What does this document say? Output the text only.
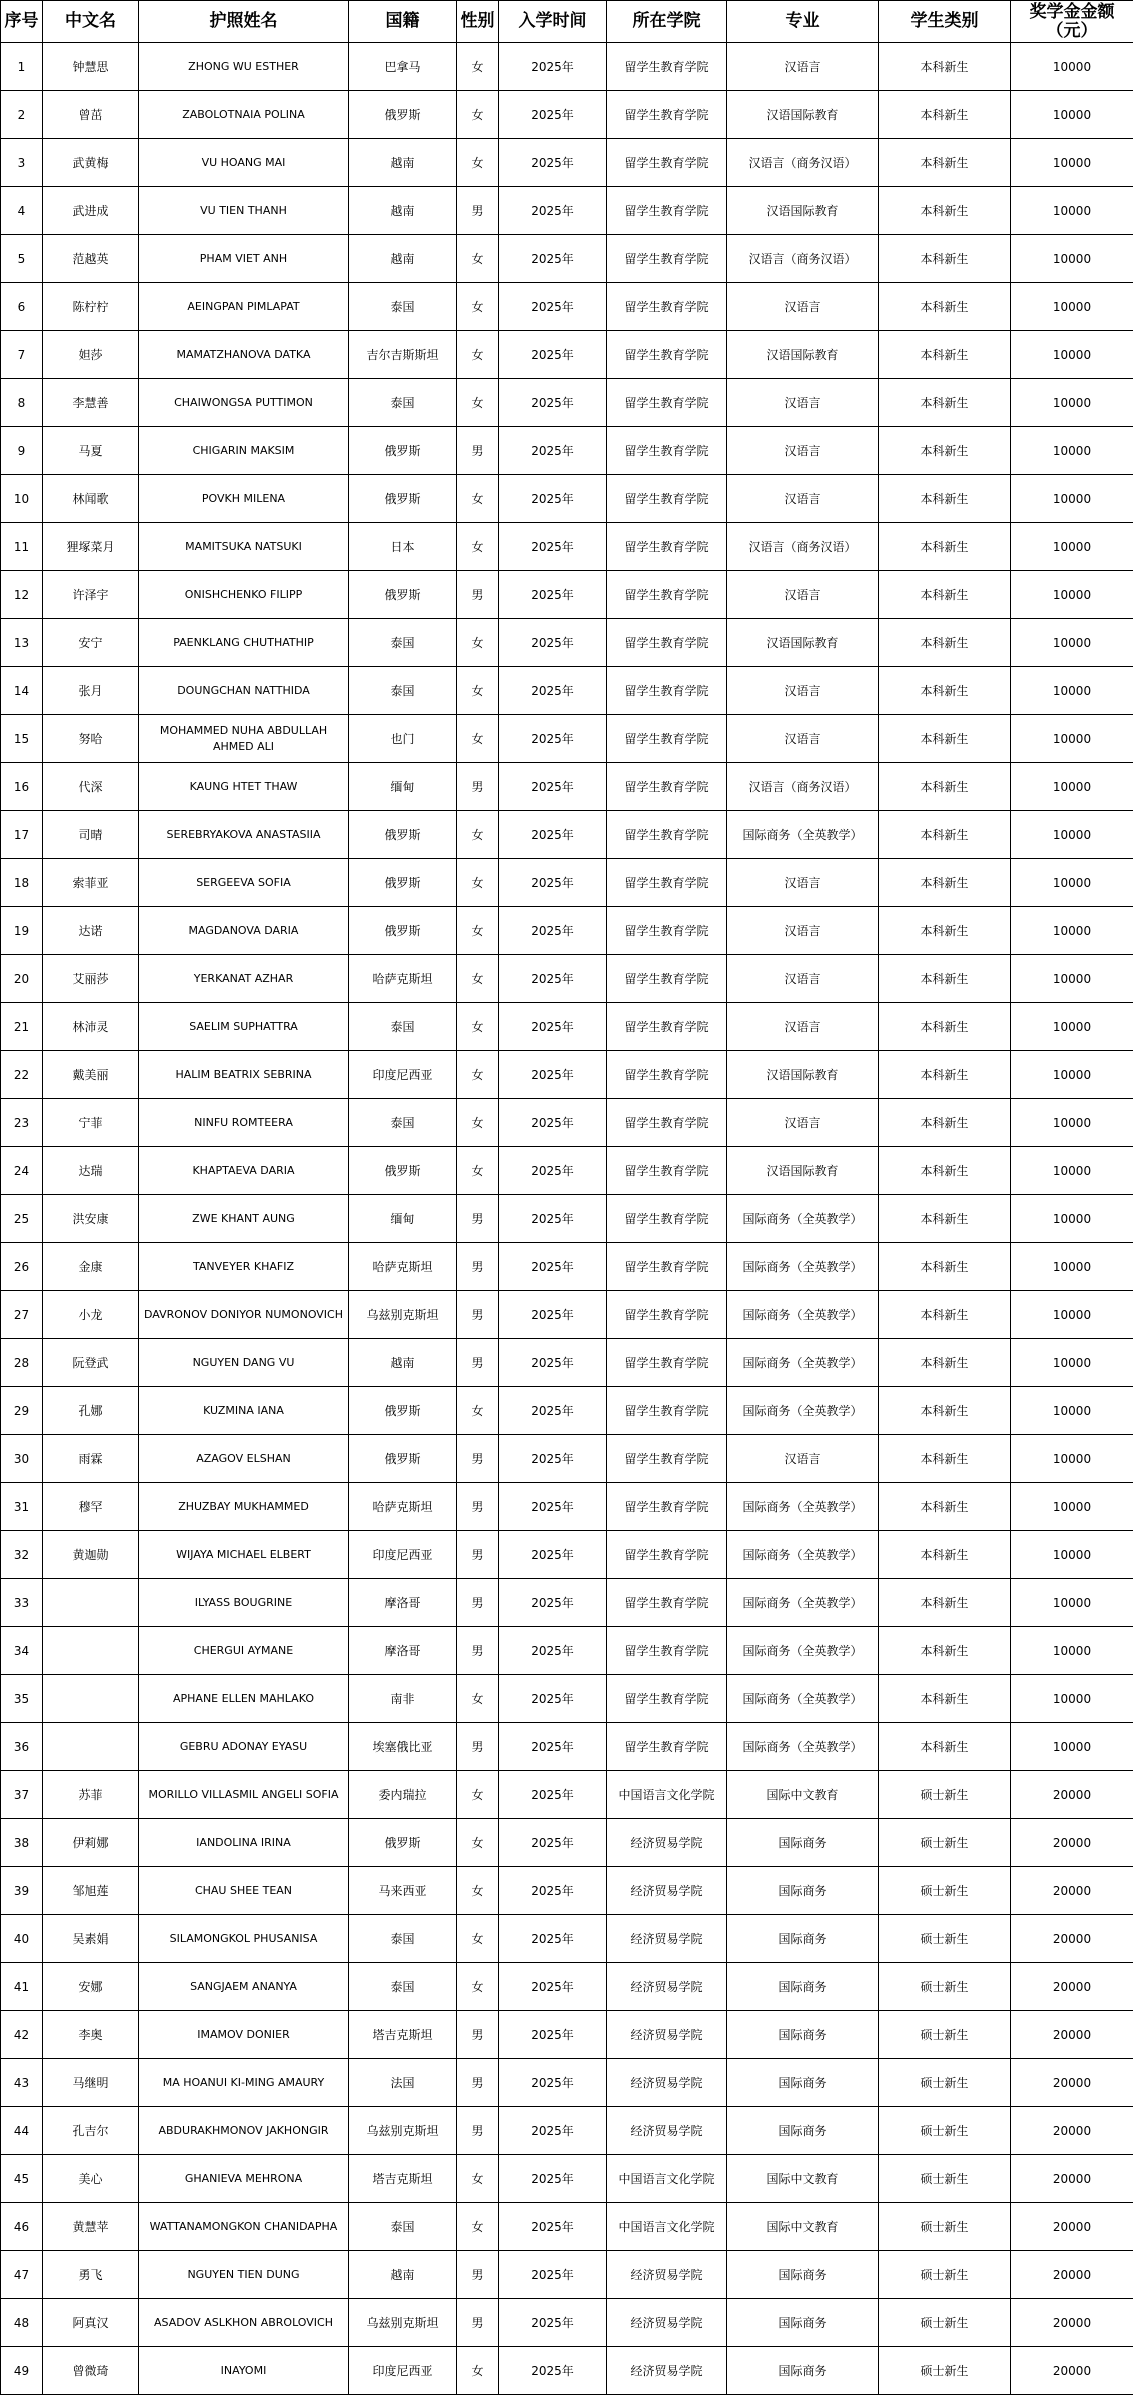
序号	中文名	护照姓名	国籍	性别	入学时间	所在学院	专业	学生类别	奖学金金额（元）
1	钟慧思	ZHONG WU ESTHER	巴拿马	女	2025年	留学生教育学院	汉语言	本科新生	10000
2	曾茁	ZABOLOTNAIA POLINA	俄罗斯	女	2025年	留学生教育学院	汉语国际教育	本科新生	10000
3	武黄梅	VU HOANG MAI	越南	女	2025年	留学生教育学院	汉语言（商务汉语）	本科新生	10000
4	武进成	VU TIEN THANH	越南	男	2025年	留学生教育学院	汉语国际教育	本科新生	10000
5	范越英	PHAM VIET ANH	越南	女	2025年	留学生教育学院	汉语言（商务汉语）	本科新生	10000
6	陈柠柠	AEINGPAN PIMLAPAT	泰国	女	2025年	留学生教育学院	汉语言	本科新生	10000
7	妲莎	MAMATZHANOVA DATKA	吉尔吉斯斯坦	女	2025年	留学生教育学院	汉语国际教育	本科新生	10000
8	李慧善	CHAIWONGSA PUTTIMON	泰国	女	2025年	留学生教育学院	汉语言	本科新生	10000
9	马夏	CHIGARIN MAKSIM	俄罗斯	男	2025年	留学生教育学院	汉语言	本科新生	10000
10	林闻歌	POVKH MILENA	俄罗斯	女	2025年	留学生教育学院	汉语言	本科新生	10000
11	狸塚菜月	MAMITSUKA NATSUKI	日本	女	2025年	留学生教育学院	汉语言（商务汉语）	本科新生	10000
12	许泽宇	ONISHCHENKO FILIPP	俄罗斯	男	2025年	留学生教育学院	汉语言	本科新生	10000
13	安宁	PAENKLANG CHUTHATHIP	泰国	女	2025年	留学生教育学院	汉语国际教育	本科新生	10000
14	张月	DOUNGCHAN NATTHIDA	泰国	女	2025年	留学生教育学院	汉语言	本科新生	10000
15	努哈	MOHAMMED NUHA ABDULLAH AHMED ALI	也门	女	2025年	留学生教育学院	汉语言	本科新生	10000
16	代深	KAUNG HTET THAW	缅甸	男	2025年	留学生教育学院	汉语言（商务汉语）	本科新生	10000
17	司晴	SEREBRYAKOVA ANASTASIIA	俄罗斯	女	2025年	留学生教育学院	国际商务（全英教学）	本科新生	10000
18	索菲亚	SERGEEVA SOFIA	俄罗斯	女	2025年	留学生教育学院	汉语言	本科新生	10000
19	达诺	MAGDANOVA DARIA	俄罗斯	女	2025年	留学生教育学院	汉语言	本科新生	10000
20	艾丽莎	YERKANAT AZHAR	哈萨克斯坦	女	2025年	留学生教育学院	汉语言	本科新生	10000
21	林沛灵	SAELIM SUPHATTRA	泰国	女	2025年	留学生教育学院	汉语言	本科新生	10000
22	戴美丽	HALIM BEATRIX SEBRINA	印度尼西亚	女	2025年	留学生教育学院	汉语国际教育	本科新生	10000
23	宁菲	NINFU ROMTEERA	泰国	女	2025年	留学生教育学院	汉语言	本科新生	10000
24	达瑞	KHAPTAEVA DARIA	俄罗斯	女	2025年	留学生教育学院	汉语国际教育	本科新生	10000
25	洪安康	ZWE KHANT AUNG	缅甸	男	2025年	留学生教育学院	国际商务（全英教学）	本科新生	10000
26	金康	TANVEYER KHAFIZ	哈萨克斯坦	男	2025年	留学生教育学院	国际商务（全英教学）	本科新生	10000
27	小龙	DAVRONOV DONIYOR NUMONOVICH	乌兹别克斯坦	男	2025年	留学生教育学院	国际商务（全英教学）	本科新生	10000
28	阮登武	NGUYEN DANG VU	越南	男	2025年	留学生教育学院	国际商务（全英教学）	本科新生	10000
29	孔娜	KUZMINA IANA	俄罗斯	女	2025年	留学生教育学院	国际商务（全英教学）	本科新生	10000
30	雨霖	AZAGOV ELSHAN	俄罗斯	男	2025年	留学生教育学院	汉语言	本科新生	10000
31	穆罕	ZHUZBAY MUKHAMMED	哈萨克斯坦	男	2025年	留学生教育学院	国际商务（全英教学）	本科新生	10000
32	黄迦勋	WIJAYA MICHAEL ELBERT	印度尼西亚	男	2025年	留学生教育学院	国际商务（全英教学）	本科新生	10000
33		ILYASS BOUGRINE	摩洛哥	男	2025年	留学生教育学院	国际商务（全英教学）	本科新生	10000
34		CHERGUI AYMANE	摩洛哥	男	2025年	留学生教育学院	国际商务（全英教学）	本科新生	10000
35		APHANE ELLEN MAHLAKO	南非	女	2025年	留学生教育学院	国际商务（全英教学）	本科新生	10000
36		GEBRU ADONAY EYASU	埃塞俄比亚	男	2025年	留学生教育学院	国际商务（全英教学）	本科新生	10000
37	苏菲	MORILLO VILLASMIL ANGELI SOFIA	委内瑞拉	女	2025年	中国语言文化学院	国际中文教育	硕士新生	20000
38	伊莉娜	IANDOLINA IRINA	俄罗斯	女	2025年	经济贸易学院	国际商务	硕士新生	20000
39	邹旭莲	CHAU SHEE TEAN	马来西亚	女	2025年	经济贸易学院	国际商务	硕士新生	20000
40	吴素娟	SILAMONGKOL PHUSANISA	泰国	女	2025年	经济贸易学院	国际商务	硕士新生	20000
41	安娜	SANGJAEM ANANYA	泰国	女	2025年	经济贸易学院	国际商务	硕士新生	20000
42	李奥	IMAMOV DONIER	塔吉克斯坦	男	2025年	经济贸易学院	国际商务	硕士新生	20000
43	马继明	MA HOANUI KI-MING AMAURY	法国	男	2025年	经济贸易学院	国际商务	硕士新生	20000
44	孔吉尔	ABDURAKHMONOV JAKHONGIR	乌兹别克斯坦	男	2025年	经济贸易学院	国际商务	硕士新生	20000
45	美心	GHANIEVA MEHRONA	塔吉克斯坦	女	2025年	中国语言文化学院	国际中文教育	硕士新生	20000
46	黄慧苹	WATTANAMONGKON CHANIDAPHA	泰国	女	2025年	中国语言文化学院	国际中文教育	硕士新生	20000
47	勇飞	NGUYEN TIEN DUNG	越南	男	2025年	经济贸易学院	国际商务	硕士新生	20000
48	阿真汉	ASADOV ASLKHON ABROLOVICH	乌兹别克斯坦	男	2025年	经济贸易学院	国际商务	硕士新生	20000
49	曾微琦	INAYOMI	印度尼西亚	女	2025年	经济贸易学院	国际商务	硕士新生	20000
